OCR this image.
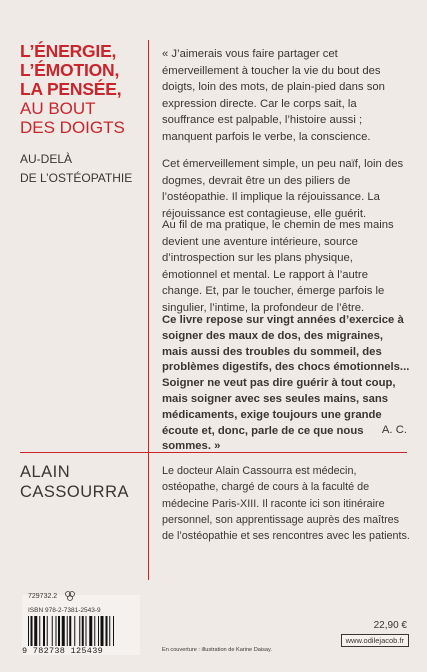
L’ÉNERGIE,
L’ÉMOTION,
LA PENSÉE,
AU BOUT
DES DOIGTS
AU-DELÀ
DE L’OSTÉOPATHIE

« J’aimerais vous faire partager cet émerveillement à toucher la vie du bout des doigts, loin des mots, de plain-pied dans son expression directe. Car le corps sait, la souffrance est palpable, l’histoire aussi ; manquent parfois le verbe, la conscience.

Cet émerveillement simple, un peu naïf, loin des dogmes, devrait être un des piliers de l’ostéopathie. Il implique la réjouissance. La réjouissance est contagieuse, elle guérit.

Au fil de ma pratique, le chemin de mes mains devient une aventure intérieure, source d’introspection sur les plans physique, émotionnel et mental. Le rapport à l’autre change. Et, par le toucher, émerge parfois le singulier, l’intime, la profondeur de l’être.

Ce livre repose sur vingt années d’exercice à soigner des maux de dos, des migraines, mais aussi des troubles du sommeil, des problèmes digestifs, des chocs émotionnels... Soigner ne veut pas dire guérir à tout coup, mais soigner avec ses seules mains, sans médicaments, exige toujours une grande écoute et, donc, parle de ce que nous sommes. »

A. C.
ALAIN
CASSOURRA

Le docteur Alain Cassourra est médecin, ostéopathe, chargé de cours à la faculté de médecine Paris-XIII. Il raconte ici son itinéraire personnel, son apprentissage auprès des maîtres de l’ostéopathie et ses rencontres avec les patients.

729732.2
ISBN 978-2-7381-2543-9
9 782738 125439	En couverture : illustration de Karine Daisay.
22,90 €
www.odilejacob.fr
